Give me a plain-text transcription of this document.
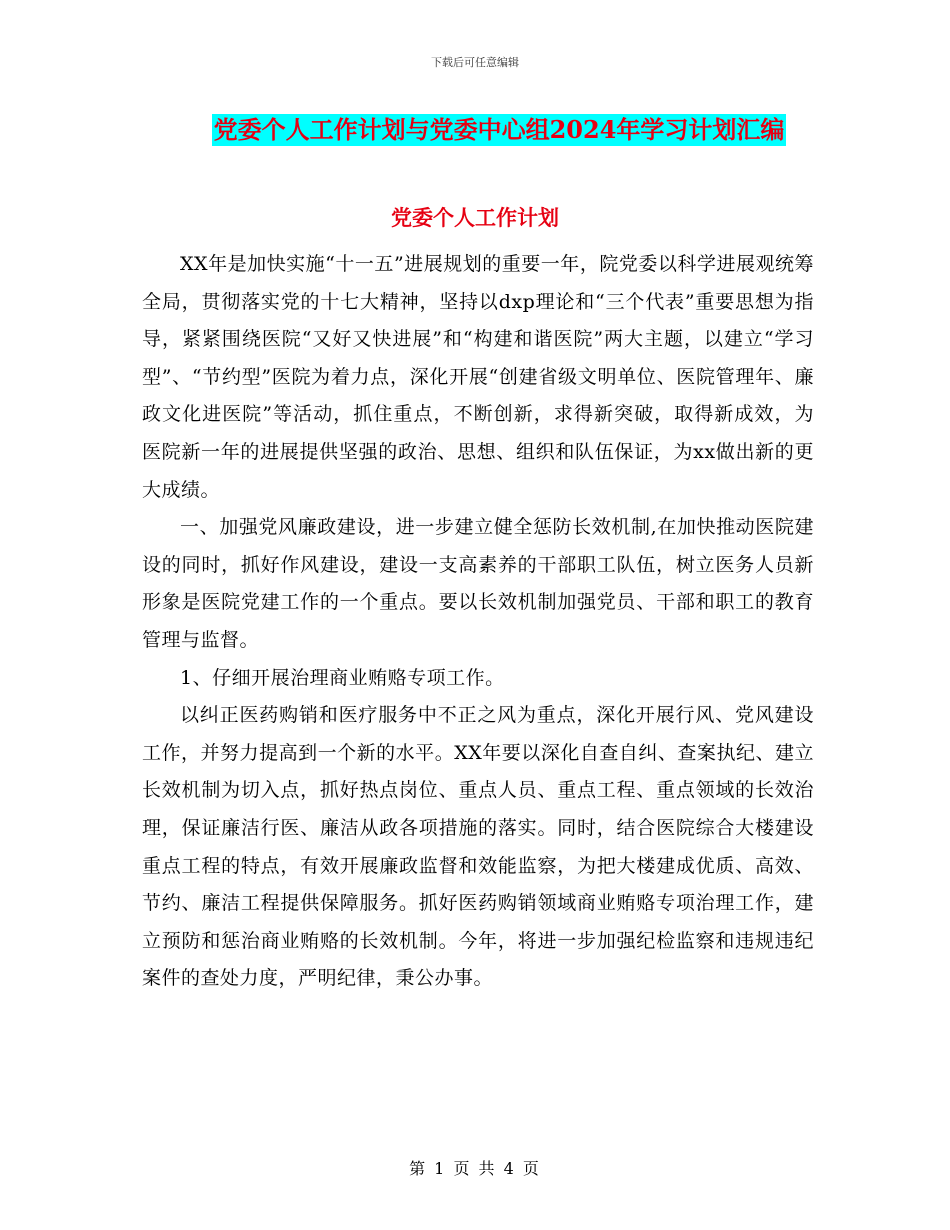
下载后可任意编辑
党委个人工作计划与党委中心组2024年学习计划汇编
党委个人工作计划

XX年是加快实施“十一五”进展规划的重要一年，院党委以科学进展观统筹全局，贯彻落实党的十七大精神，坚持以dxp理论和“三个代表”重要思想为指导，紧紧围绕医院“又好又快进展”和“构建和谐医院”两大主题，以建立“学习型”、“节约型”医院为着力点，深化开展“创建省级文明单位、医院管理年、廉政文化进医院”等活动，抓住重点，不断创新，求得新突破，取得新成效，为医院新一年的进展提供坚强的政治、思想、组织和队伍保证，为xx做出新的更大成绩。

一、加强党风廉政建设，进一步建立健全惩防长效机制,在加快推动医院建设的同时，抓好作风建设，建设一支高素养的干部职工队伍，树立医务人员新形象是医院党建工作的一个重点。要以长效机制加强党员、干部和职工的教育管理与监督。

1、仔细开展治理商业贿赂专项工作。

以纠正医药购销和医疗服务中不正之风为重点，深化开展行风、党风建设工作，并努力提高到一个新的水平。XX年要以深化自查自纠、查案执纪、建立长效机制为切入点，抓好热点岗位、重点人员、重点工程、重点领域的长效治理，保证廉洁行医、廉洁从政各项措施的落实。同时，结合医院综合大楼建设重点工程的特点，有效开展廉政监督和效能监察，为把大楼建成优质、高效、节约、廉洁工程提供保障服务。抓好医药购销领域商业贿赂专项治理工作，建立预防和惩治商业贿赂的长效机制。今年，将进一步加强纪检监察和违规违纪案件的查处力度，严明纪律，秉公办事。

第 1 页 共 4 页
